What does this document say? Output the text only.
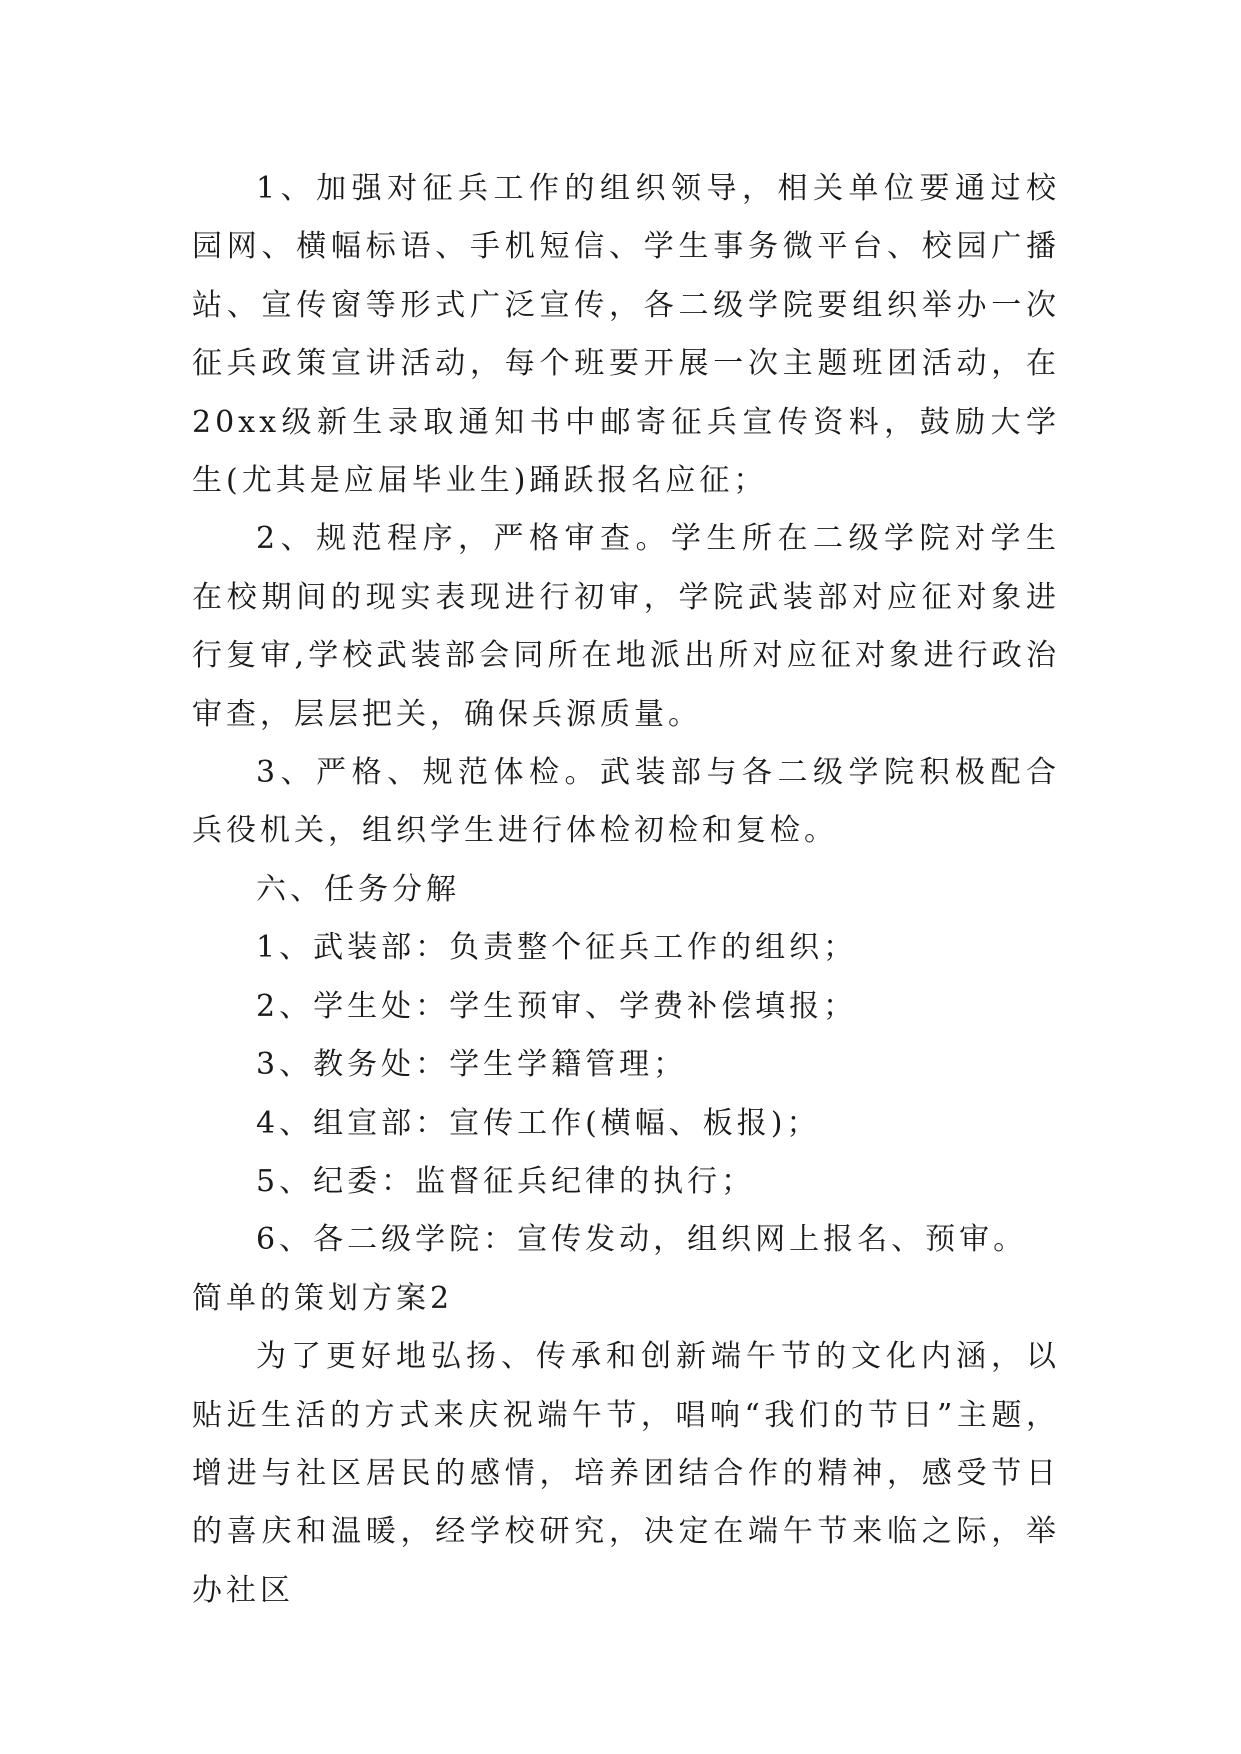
1、加强对征兵工作的组织领导，相关单位要通过校园网、横幅标语、手机短信、学生事务微平台、校园广播站、宣传窗等形式广泛宣传，各二级学院要组织举办一次征兵政策宣讲活动，每个班要开展一次主题班团活动，在20xx级新生录取通知书中邮寄征兵宣传资料，鼓励大学生(尤其是应届毕业生)踊跃报名应征；

2、规范程序，严格审查。学生所在二级学院对学生在校期间的现实表现进行初审，学院武装部对应征对象进行复审,学校武装部会同所在地派出所对应征对象进行政治审查，层层把关，确保兵源质量。

3、严格、规范体检。武装部与各二级学院积极配合兵役机关，组织学生进行体检初检和复检。

六、任务分解

1、武装部：负责整个征兵工作的组织；

2、学生处：学生预审、学费补偿填报；

3、教务处：学生学籍管理；

4、组宣部：宣传工作(横幅、板报)；

5、纪委：监督征兵纪律的执行；

6、各二级学院：宣传发动，组织网上报名、预审。

简单的策划方案2

为了更好地弘扬、传承和创新端午节的文化内涵，以贴近生活的方式来庆祝端午节，唱响“我们的节日”主题，增进与社区居民的感情，培养团结合作的精神，感受节日的喜庆和温暖，经学校研究，决定在端午节来临之际，举办社区
